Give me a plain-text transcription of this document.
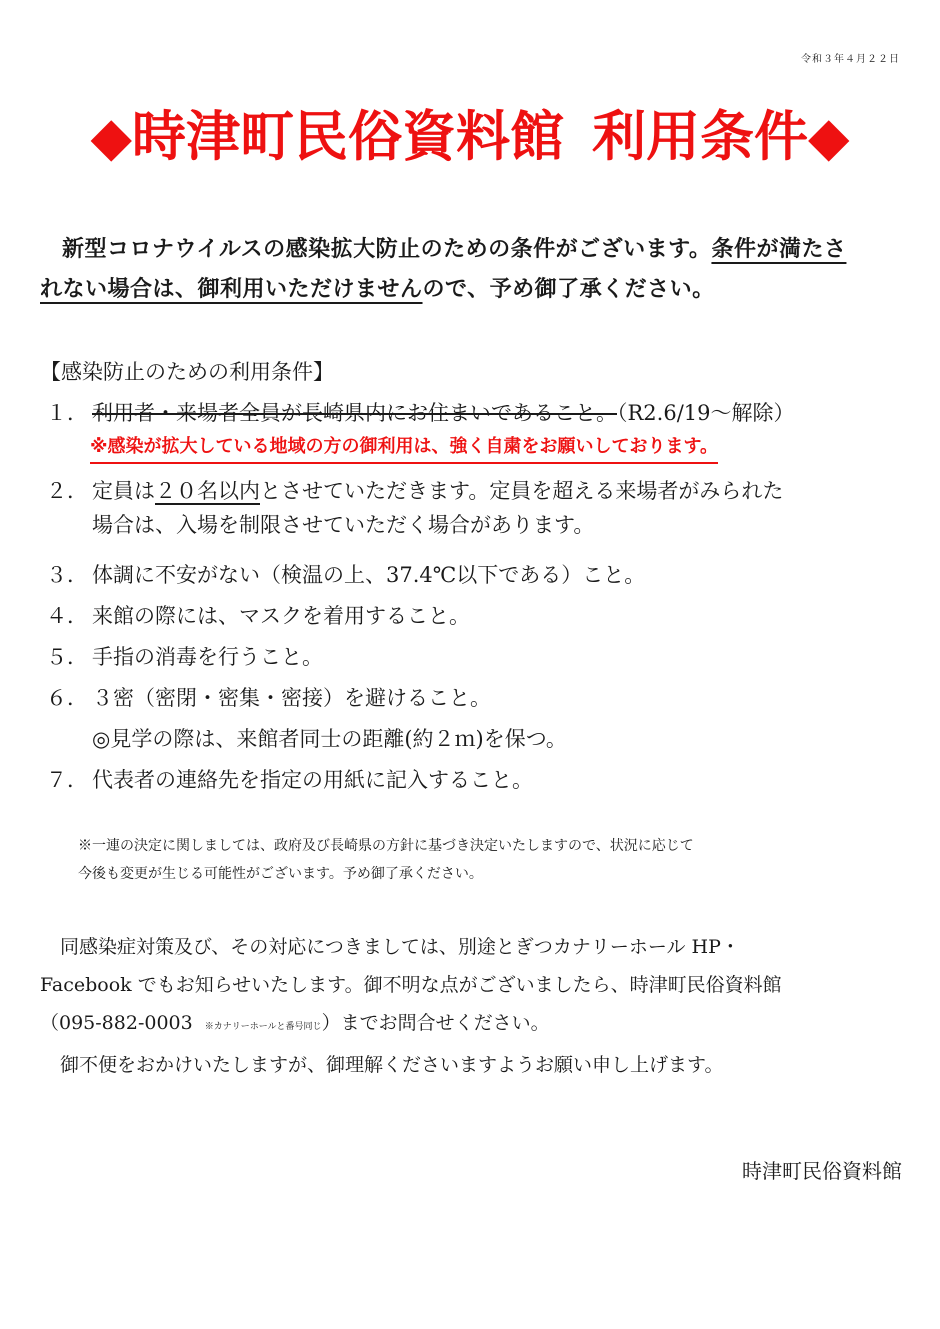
令和３年４月２２日
◆時津町民俗資料館 利用条件◆
新型コロナウイルスの感染拡大防止のための条件がございます。条件が満たさ
れない場合は、御利用いただけませんので、予め御了承ください。
【感染防止のための利用条件】
１． 利用者・来場者全員が長崎県内にお住まいであること。（R2.6/19～解除）
※感染が拡大している地域の方の御利用は、強く自粛をお願いしております。
２． 定員は２０名以内とさせていただきます。定員を超える来場者がみられた
場合は、入場を制限させていただく場合があります。
３． 体調に不安がない（検温の上、37.4℃以下である）こと。
４． 来館の際には、マスクを着用すること。
５． 手指の消毒を行うこと。
６． ３密（密閉・密集・密接）を避けること。
◎見学の際は、来館者同士の距離(約２ｍ)を保つ。
７． 代表者の連絡先を指定の用紙に記入すること。
※一連の決定に関しましては、政府及び長崎県の方針に基づき決定いたしますので、状況に応じて
今後も変更が生じる可能性がございます。予め御了承ください。
同感染症対策及び、その対応につきましては、別途とぎつカナリーホール HP・
Facebook でもお知らせいたします。御不明な点がございましたら、時津町民俗資料館
（095-882-0003 ※カナリーホールと番号同じ）までお問合せください。
御不便をおかけいたしますが、御理解くださいますようお願い申し上げます。
時津町民俗資料館
